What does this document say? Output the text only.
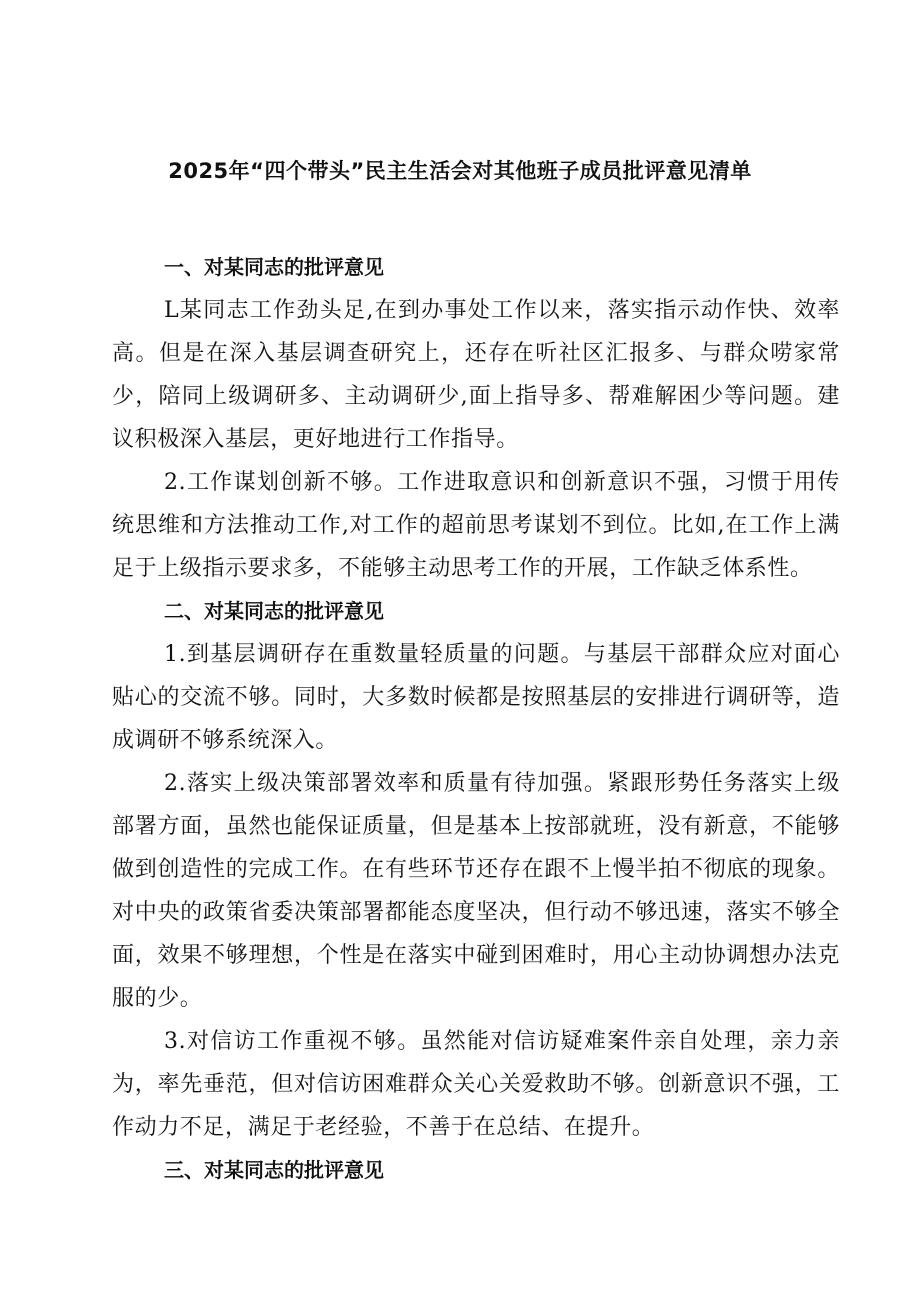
2025年“四个带头”民主生活会对其他班子成员批评意见清单
一、对某同志的批评意见

L某同志工作劲头足,在到办事处工作以来，落实指示动作快、效率高。但是在深入基层调查研究上，还存在听社区汇报多、与群众唠家常少，陪同上级调研多、主动调研少,面上指导多、帮难解困少等问题。建议积极深入基层，更好地进行工作指导。

2.工作谋划创新不够。工作进取意识和创新意识不强，习惯于用传统思维和方法推动工作,对工作的超前思考谋划不到位。比如,在工作上满足于上级指示要求多，不能够主动思考工作的开展，工作缺乏体系性。

二、对某同志的批评意见

1.到基层调研存在重数量轻质量的问题。与基层干部群众应对面心贴心的交流不够。同时，大多数时候都是按照基层的安排进行调研等，造成调研不够系统深入。

2.落实上级决策部署效率和质量有待加强。紧跟形势任务落实上级部署方面，虽然也能保证质量，但是基本上按部就班，没有新意，不能够做到创造性的完成工作。在有些环节还存在跟不上慢半拍不彻底的现象。对中央的政策省委决策部署都能态度坚决，但行动不够迅速，落实不够全面，效果不够理想，个性是在落实中碰到困难时，用心主动协调想办法克服的少。

3.对信访工作重视不够。虽然能对信访疑难案件亲自处理，亲力亲为，率先垂范，但对信访困难群众关心关爱救助不够。创新意识不强，工作动力不足，满足于老经验，不善于在总结、在提升。

三、对某同志的批评意见
